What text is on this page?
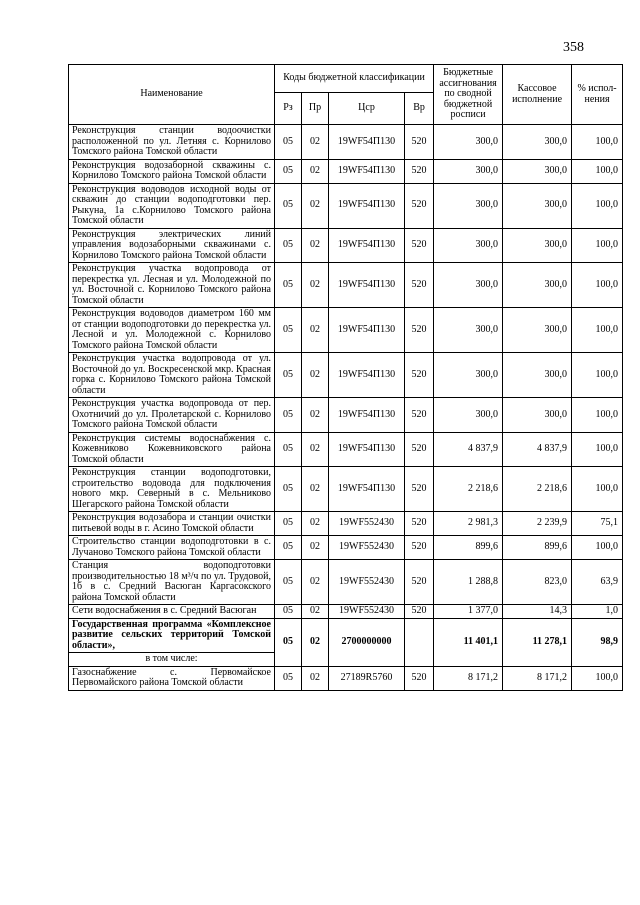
358
Наименование	Коды бюджетной классификации				Бюджетные ассигнования по сводной бюджетной росписи	Кассовое исполнение	% испол-нения
	Рз	Пр	Цср	Вр			
Реконструкция станции водоочистки расположенной по ул. Летняя с. Корнилово Томского района Томской области	05	02	19WF54П130	520	300,0	300,0	100,0
Реконструкция водозаборной скважины с. Корнилово Томского района Томской области	05	02	19WF54П130	520	300,0	300,0	100,0
Реконструкция водоводов исходной воды от скважин до станции водоподготовки пер. Рыкуна, 1а с.Корнилово Томского района Томской области	05	02	19WF54П130	520	300,0	300,0	100,0
Реконструкция электрических линий управления водозаборными скважинами с. Корнилово Томского района Томской области	05	02	19WF54П130	520	300,0	300,0	100,0
Реконструкция участка водопровода от перекрестка ул. Лесная и ул. Молодежной по ул. Восточной с. Корнилово Томского района Томской области	05	02	19WF54П130	520	300,0	300,0	100,0
Реконструкция водоводов диаметром 160 мм от станции водоподготовки до перекрестка ул. Лесной и ул. Молодежной с. Корнилово Томского района Томской области	05	02	19WF54П130	520	300,0	300,0	100,0
Реконструкция участка водопровода от ул. Восточной до ул. Воскресенской мкр. Красная горка с. Корнилово Томского района Томской области	05	02	19WF54П130	520	300,0	300,0	100,0
Реконструкция участка водопровода от пер. Охотничий до ул. Пролетарской с. Корнилово Томского района Томской области	05	02	19WF54П130	520	300,0	300,0	100,0
Реконструкция системы водоснабжения с. Кожевниково Кожевниковского района Томской области	05	02	19WF54П130	520	4 837,9	4 837,9	100,0
Реконструкция станции водоподготовки, строительство водовода для подключения нового мкр. Северный в с. Мельниково Шегарского района Томской области	05	02	19WF54П130	520	2 218,6	2 218,6	100,0
Реконструкция водозабора и станции очистки питьевой воды в г. Асино Томской области	05	02	19WF552430	520	2 981,3	2 239,9	75,1
Строительство станции водоподготовки в с. Лучаново Томского района Томской области	05	02	19WF552430	520	899,6	899,6	100,0
Станция водоподготовки производительностью 18 м³/ч по ул. Трудовой, 1б в с. Средний Васюган Каргасокского района Томской области	05	02	19WF552430	520	1 288,8	823,0	63,9
Сети водоснабжения в с. Средний Васюган	05	02	19WF552430	520	1 377,0	14,3	1,0
Государственная программа «Комплексное развитие сельских территорий Томской области»,	05	02	2700000000		11 401,1	11 278,1	98,9
в том числе:							
Газоснабжение с. Первомайское Первомайского района Томской области	05	02	27189R5760	520	8 171,2	8 171,2	100,0
